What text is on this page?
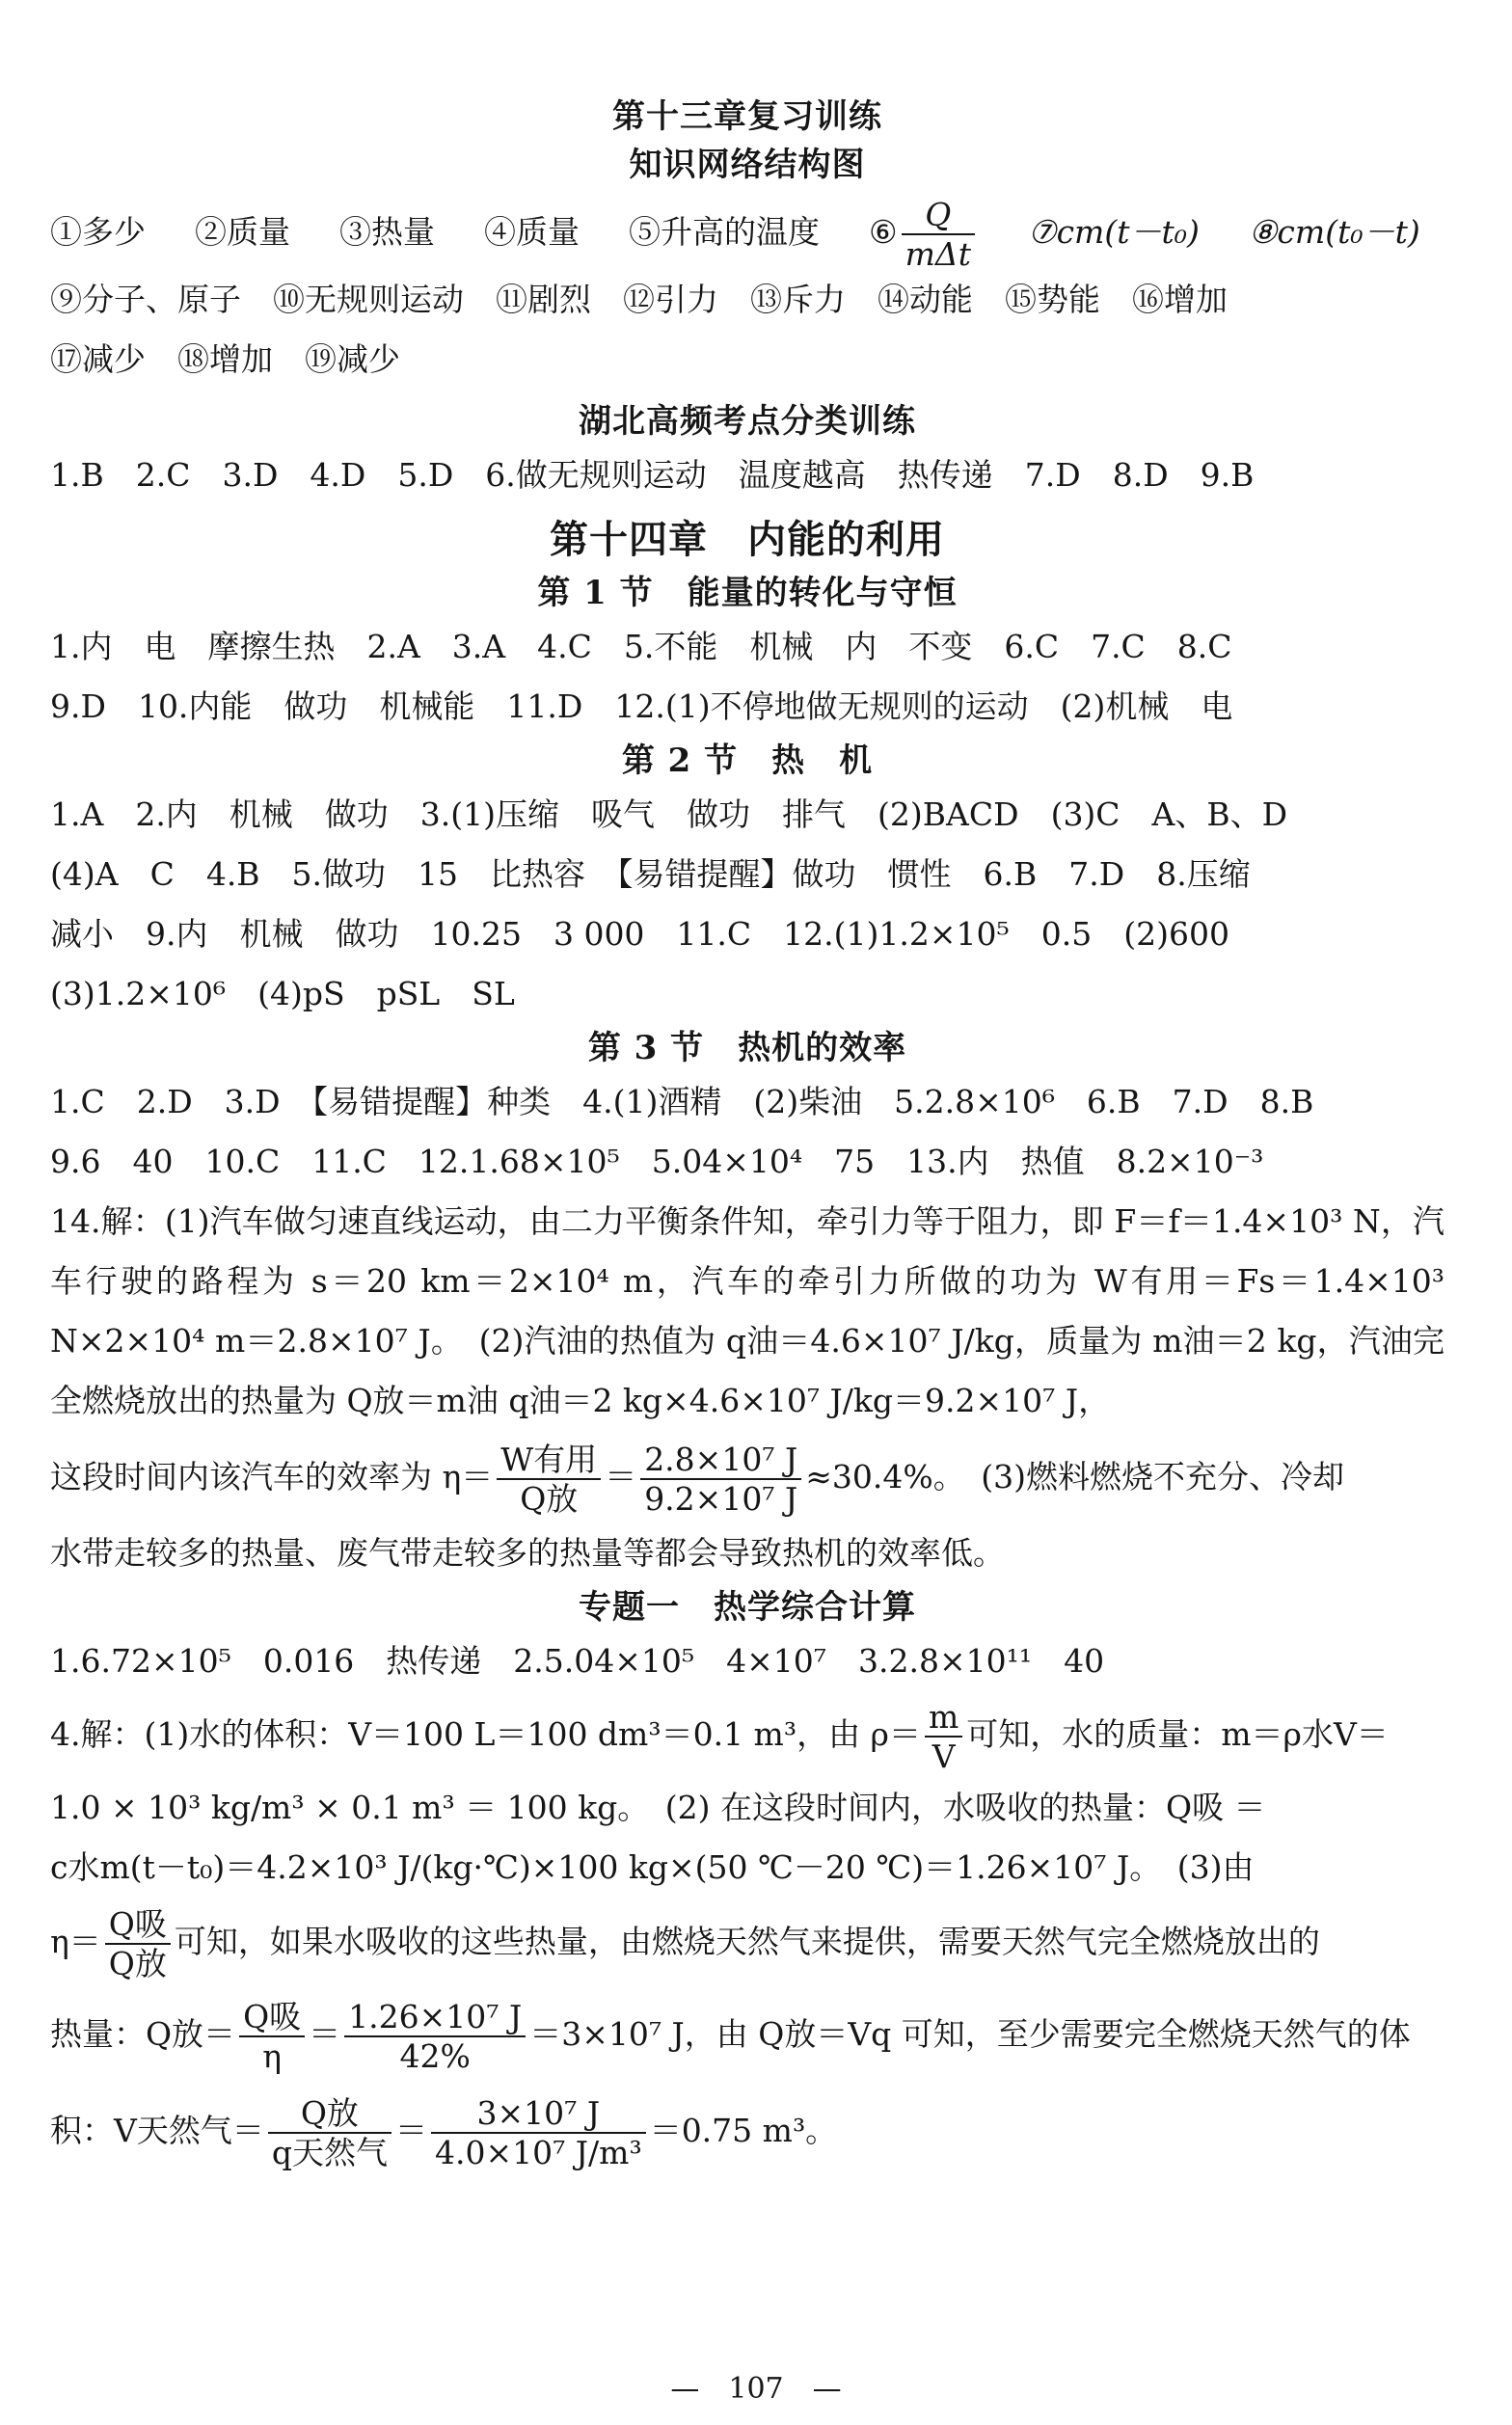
第十三章复习训练
知识网络结构图
①多少 ②质量 ③热量 ④质量 ⑤升高的温度 ⑥ $\frac{Q}{\text{mΔt}}$ ⑦cm(t－t₀) ⑧cm(t₀－t)
⑨分子、原子　⑩无规则运动　⑪剧烈　⑫引力　⑬斥力　⑭动能　⑮势能　⑯增加
⑰减少　⑱增加　⑲减少
湖北高频考点分类训练
1.B　2.C　3.D　4.D　5.D　6.做无规则运动　温度越高　热传递　7.D　8.D　9.B
第十四章　内能的利用
第 1 节　能量的转化与守恒
1.内　电　摩擦生热　2.A　3.A　4.C　5.不能　机械　内　不变　6.C　7.C　8.C
9.D　10.内能　做功　机械能　11.D　12.(1)不停地做无规则的运动　(2)机械　电
第 2 节　热　机
1.A　2.内　机械　做功　3.(1)压缩　吸气　做功　排气　(2)BACD　(3)C　A、B、D
(4)A　C　4.B　5.做功　15　比热容　【易错提醒】做功　惯性　6.B　7.D　8.压缩
减小　9.内　机械　做功　10.25　3 000　11.C　12.(1)1.2×10⁵　0.5　(2)600
(3)1.2×10⁶　(4)pS　pSL　SL
第 3 节　热机的效率
1.C　2.D　3.D　【易错提醒】种类　4.(1)酒精　(2)柴油　5.2.8×10⁶　6.B　7.D　8.B
9.6　40　10.C　11.C　12.1.68×10⁵　5.04×10⁴　75　13.内　热值　8.2×10⁻³
14.解：(1)汽车做匀速直线运动，由二力平衡条件知，牵引力等于阻力，即 F＝f＝1.4×10³ N，汽车行驶的路程为 s＝20 km＝2×10⁴ m，汽车的牵引力所做的功为 W有用＝Fs＝1.4×10³ N×2×10⁴ m＝2.8×10⁷ J。　(2)汽油的热值为 q油＝4.6×10⁷ J/kg，质量为 m油＝2 kg，汽油完全燃烧放出的热量为 Q放＝m油 q油＝2 kg×4.6×10⁷ J/kg＝9.2×10⁷ J，
这段时间内该汽车的效率为 $\eta= \frac{\text{W有用}}{\text{Q放}} = \frac{\text{2.8×10⁷ J}}{\text{9.2×10⁷ J}} \approx 30.4\%$。　(3)燃料燃烧不充分、冷却
水带走较多的热量、废气带走较多的热量等都会导致热机的效率低。
专题一　热学综合计算
1.6.72×10⁵　0.016　热传递　2.5.04×10⁵　4×10⁷　3.2.8×10¹¹　40
4.解：(1)水的体积：V＝100 L＝100 dm³＝0.1 m³，由 $\rho= \frac{m}{V}$ 可知，水的质量：m＝ρ水V＝
1.0 × 10³ kg/m³ × 0.1 m³ ＝ 100 kg。　(2) 在这段时间内，水吸收的热量：Q吸 ＝
c水m(t－t₀)＝4.2×10³ J/(kg·℃)×100 kg×(50 ℃－20 ℃)＝1.26×10⁷ J。　(3)由
$\eta= \frac{\text{Q吸}}{\text{Q放}}$ 可知，如果水吸收的这些热量，由燃烧天然气来提供，需要天然气完全燃烧放出的
热量：Q放＝ $\frac{\text{Q吸}}{\eta} = \frac{\text{1.26×10⁷ J}}{42\%} =3\times 10^7$ J，由 Q放＝Vq 可知，至少需要完全燃烧天然气的体
积：V天然气＝ $\frac{\text{Q放}}{\text{q天然气}} = \frac{\text{3×10⁷ J}}{\text{4.0×10⁷ J/m³}} =0.75$ m³。
—　107　—
